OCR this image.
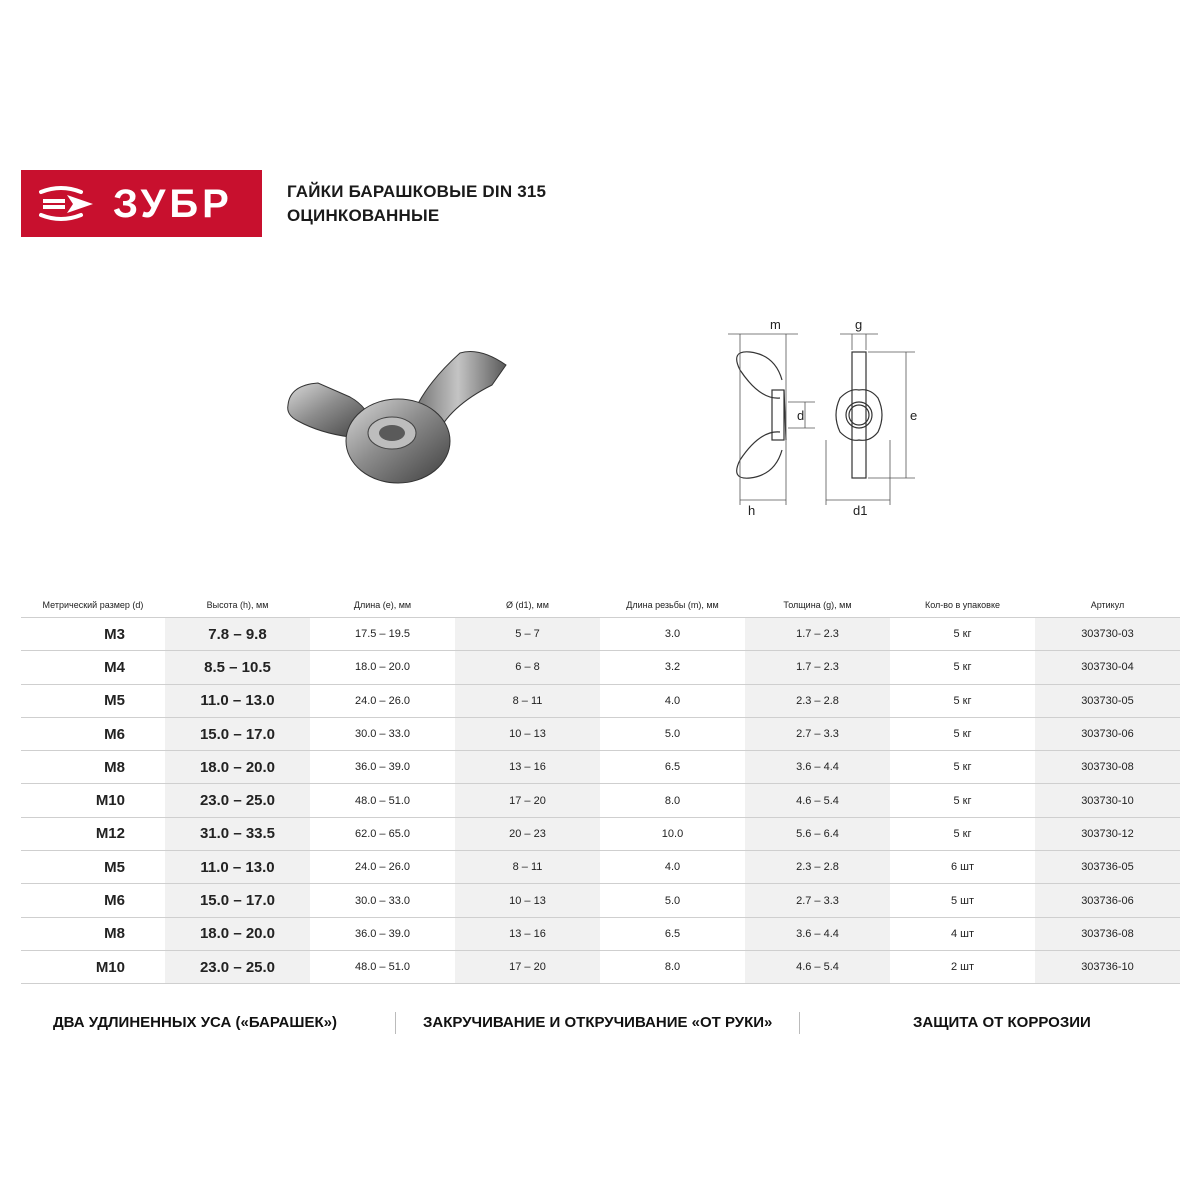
ЗУБР	ГАЙКИ БАРАШКОВЫЕ DIN 315
ОЦИНКОВАННЫЕ
m	g
d	e
h	d1
Метрический размер (d)	Высота (h), мм	Длина (e), мм	Ø (d1), мм	Длина резьбы (m), мм	Толщина (g), мм	Кол-во в упаковке	Артикул
M3	7.8 – 9.8	17.5 – 19.5	5 – 7	3.0	1.7 – 2.3	5 кг	303730-03
M4	8.5 – 10.5	18.0 – 20.0	6 – 8	3.2	1.7 – 2.3	5 кг	303730-04
M5	11.0 – 13.0	24.0 – 26.0	8 – 11	4.0	2.3 – 2.8	5 кг	303730-05
M6	15.0 – 17.0	30.0 – 33.0	10 – 13	5.0	2.7 – 3.3	5 кг	303730-06
M8	18.0 – 20.0	36.0 – 39.0	13 – 16	6.5	3.6 – 4.4	5 кг	303730-08
M10	23.0 – 25.0	48.0 – 51.0	17 – 20	8.0	4.6 – 5.4	5 кг	303730-10
M12	31.0 – 33.5	62.0 – 65.0	20 – 23	10.0	5.6 – 6.4	5 кг	303730-12
M5	11.0 – 13.0	24.0 – 26.0	8 – 11	4.0	2.3 – 2.8	6 шт	303736-05
M6	15.0 – 17.0	30.0 – 33.0	10 – 13	5.0	2.7 – 3.3	5 шт	303736-06
M8	18.0 – 20.0	36.0 – 39.0	13 – 16	6.5	3.6 – 4.4	4 шт	303736-08
M10	23.0 – 25.0	48.0 – 51.0	17 – 20	8.0	4.6 – 5.4	2 шт	303736-10
ДВА УДЛИНЕННЫХ УСА («БАРАШЕК»)	ЗАКРУЧИВАНИЕ И ОТКРУЧИВАНИЕ «ОТ РУКИ»	ЗАЩИТА ОТ КОРРОЗИИ
